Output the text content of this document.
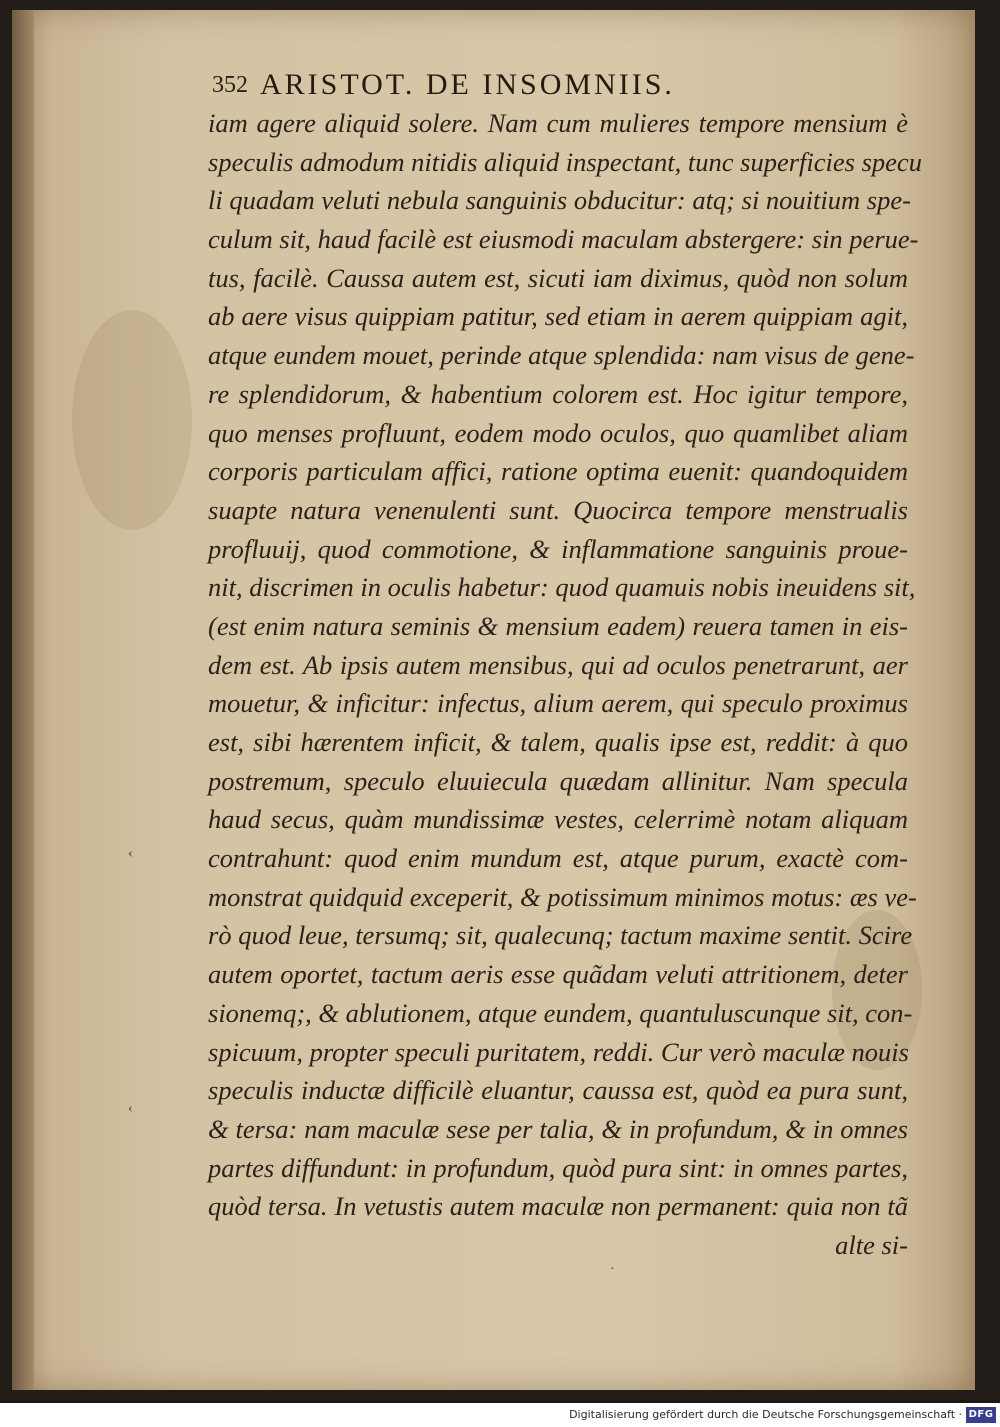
352 ARISTOT. DE INSOMNIIS.
iam agere aliquid solere. Nam cum mulieres tempore mensium è
speculis admodum nitidis aliquid inspectant, tunc superficies specu
li quadam veluti nebula sanguinis obducitur: atq; si nouitium spe-
culum sit, haud facilè est eiusmodi maculam abstergere: sin perue-
tus, facilè. Caussa autem est, sicuti iam diximus, quòd non solum
ab aere visus quippiam patitur, sed etiam in aerem quippiam agit,
atque eundem mouet, perinde atque splendida: nam visus de gene-
re splendidorum, & habentium colorem est. Hoc igitur tempore,
quo menses profluunt, eodem modo oculos, quo quamlibet aliam
corporis particulam affici, ratione optima euenit: quandoquidem
suapte natura venenulenti sunt. Quocirca tempore menstrualis
profluuij, quod commotione, & inflammatione sanguinis proue-
nit, discrimen in oculis habetur: quod quamuis nobis ineuidens sit,
(est enim natura seminis & mensium eadem) reuera tamen in eis-
dem est. Ab ipsis autem mensibus, qui ad oculos penetrarunt, aer
mouetur, & inficitur: infectus, alium aerem, qui speculo proximus
est, sibi hærentem inficit, & talem, qualis ipse est, reddit: à quo
postremum, speculo eluuiecula quædam allinitur. Nam specula
haud secus, quàm mundissimæ vestes, celerrimè notam aliquam
contrahunt: quod enim mundum est, atque purum, exactè com-
monstrat quidquid exceperit, & potissimum minimos motus: æs ve-
rò quod leue, tersumq; sit, qualecunq; tactum maxime sentit. Scire
autem oportet, tactum aeris esse quãdam veluti attritionem, deter
sionemq;, & ablutionem, atque eundem, quantuluscunque sit, con-
spicuum, propter speculi puritatem, reddi. Cur verò maculæ nouis
speculis inductæ difficilè eluantur, caussa est, quòd ea pura sunt,
& tersa: nam maculæ sese per talia, & in profundum, & in omnes
partes diffundunt: in profundum, quòd pura sint: in omnes partes,
quòd tersa. In vetustis autem maculæ non permanent: quia non tã
alte si-
‹
‹
·
Digitalisierung gefördert durch die Deutsche Forschungsgemeinschaft · DFG
